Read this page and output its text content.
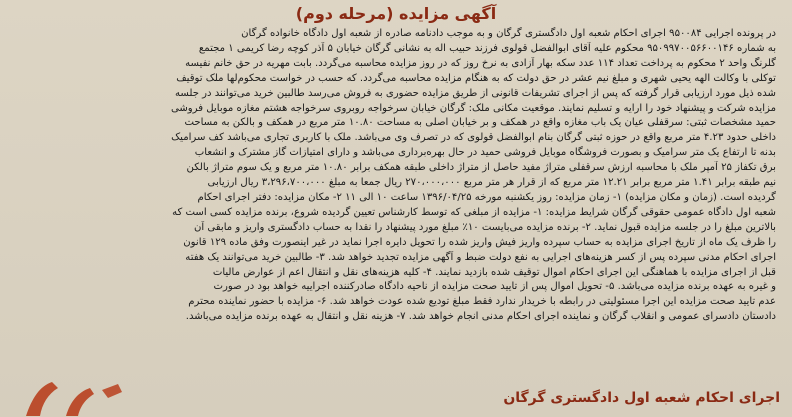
آگهی مزایده (مرحله دوم)
در پرونده اجرایی ۹۵۰۰۸۴ اجرای احکام شعبه اول دادگستری گرگان و به موجب دادنامه صادره از شعبه اول دادگاه خانواده گرگان
به شماره ۹۵۰۹۹۷۰۰۵۶۶۰۰۱۴۶ محکوم علیه آقای ابوالفضل قولوی فرزند حبیب اله به نشانی گرگان خیابان ۵ آذر کوچه رضا کریمی ۱ مجتمع
گلرنگ واحد ۲ محکوم به پرداخت تعداد ۱۱۴ عدد سکه بهار آزادی به نرخ روز که در روز مزایده محاسبه می‌گردد. بابت مهریه در حق خانم نفیسه
توکلی با وکالت الهه یحیی شهری و مبلغ نیم عشر در حق دولت که به هنگام مزایده محاسبه می‌گردد. که حسب در خواست محکوم‌لها ملک توقیف
شده ذیل مورد ارزیابی قرار گرفته که پس از اجرای تشریفات قانونی از طریق مزایده حضوری به فروش می‌رسد طالبین خرید می‌توانند در جلسه
مزایده شرکت و پیشنهاد خود را ارایه و تسلیم نمایند. موقعیت مکانی ملک: گرگان خیابان سرخواجه روبروی سرخواجه هشتم مغازه موبایل فروشی
حمید مشخصات ثبتی: سرقفلی عیان یک باب مغازه واقع در همکف و بر خیابان اصلی به مساحت ۱۰.۸۰ متر مربع در همکف و بالکن به مساحت
داخلی حدود ۴.۲۳ متر مربع واقع در حوزه ثبتی گرگان بنام ابوالفضل قولوی که در تصرف وی می‌باشد. ملک با کاربری تجاری می‌باشد کف سرامیک
بدنه تا ارتفاع یک متر سرامیک و بصورت فروشگاه موبایل فروشی حمید در حال بهره‌برداری می‌باشد و دارای امتیازات گاز مشترک و انشعاب
برق تکفاز ۲۵ آمپر ملک با محاسبه ارزش سرقفلی متراژ مفید حاصل از متراژ داخلی طبقه همکف برابر ۱۰.۸۰ متر مربع و یک سوم متراژ بالکن
نیم طبقه برابر ۱.۴۱ متر مربع برابر ۱۲.۲۱ متر مربع که از قرار هر متر مربع ۲۷۰،۰۰۰،۰۰۰ ریال جمعا به مبلغ ۳،۲۹۶،۷۰۰،۰۰۰ ریال ارزیابی
گردیده است. (زمان و مکان مزایده) ۱- زمان مزایده: روز یکشنبه مورخه ۱۳۹۶/۰۴/۲۵ ساعت ۱۰ الی ۱۱ ۲- مکان مزایده: دفتر اجرای احکام
شعبه اول دادگاه عمومی حقوقی گرگان شرایط مزایده: ۱- مزایده از مبلغی که توسط کارشناس تعیین گردیده شروع، برنده مزایده کسی است که
بالاترین مبلغ را در جلسه مزایده قبول نماید. ۲- برنده مزایده می‌بایست ۱۰٪ مبلغ مورد پیشنهاد را نقدا به حساب دادگستری واریز و مابقی آن
را ظرف یک ماه از تاریخ اجرای مزایده به حساب سپرده واریز فیش واریز شده را تحویل دایره اجرا نماید در غیر اینصورت وفق ماده ۱۲۹ قانون
اجرای احکام مدنی سپرده پس از کسر هزینه‌های اجرایی به نفع دولت ضبط و آگهی مزایده تجدید خواهد شد. ۳- طالبین خرید می‌توانند یک هفته
قبل از اجرای مزایده با هماهنگی این اجرای احکام اموال توقیف شده بازدید نمایند. ۴- کلیه هزینه‌های نقل و انتقال اعم از عوارض مالیات
و غیره به عهده برنده مزایده می‌باشد. ۵- تحویل اموال پس از تایید صحت مزایده از ناحیه دادگاه صادرکننده اجراییه خواهد بود در صورت
عدم تایید صحت مزایده این اجرا مسئولیتی در رابطه با خریدار ندارد فقط مبلغ تودیع شده عودت خواهد شد. ۶- مزایده با حضور نماینده محترم
دادستان دادسرای عمومی و انقلاب گرگان و نماینده اجرای احکام مدنی انجام خواهد شد. ۷- هزینه نقل و انتقال به عهده برنده مزایده می‌باشد.
اجرای احکام شعبه اول دادگستری گرگان
